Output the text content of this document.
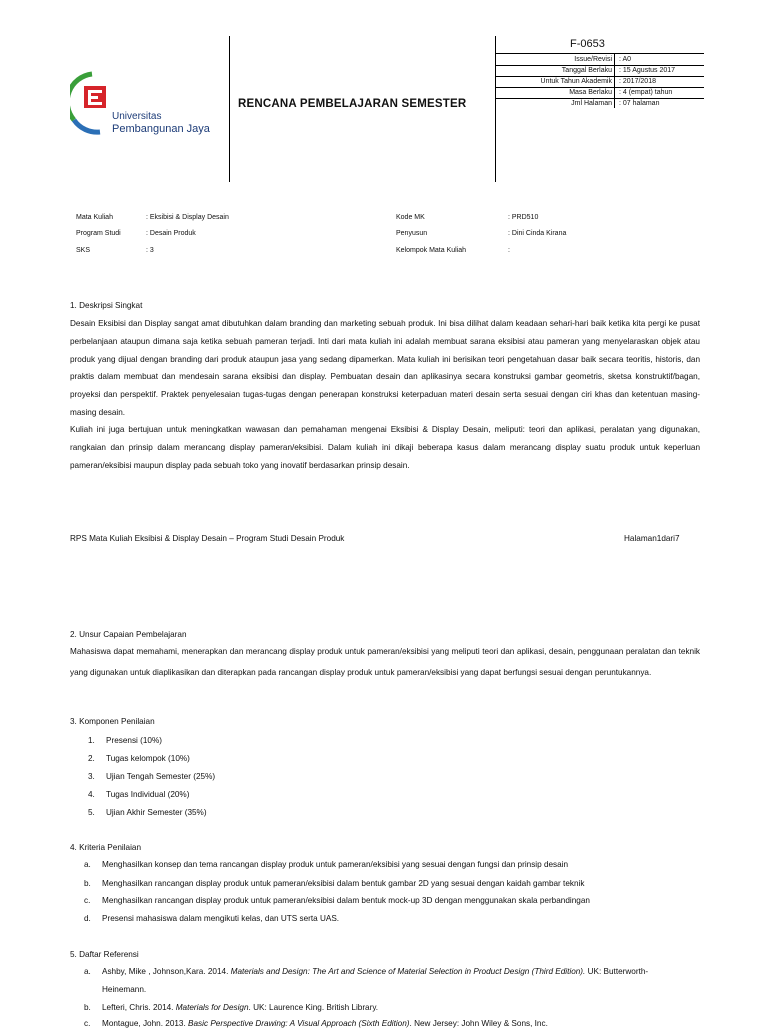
Universitas
Pembangunan Jaya
RENCANA PEMBELAJARAN SEMESTER
F-0653
Issue/Revisi : A0
Tanggal Berlaku : 15 Agustus 2017
Untuk Tahun Akademik : 2017/2018
Masa Berlaku : 4 (empat) tahun
Jml Halaman : 07 halaman
Mata Kuliah	: Eksibisi & Display Desain
Program Studi	: Desain Produk
SKS	: 3
Kode MK	: PRD510
Penyusun	: Dini Cinda Kirana
Kelompok Mata Kuliah	:
1. Deskripsi Singkat
Desain Eksibisi dan Display sangat amat dibutuhkan dalam branding dan marketing sebuah produk. Ini bisa dilihat dalam keadaan sehari-hari baik ketika kita pergi ke pusat perbelanjaan ataupun dimana saja ketika sebuah pameran terjadi. Inti dari mata kuliah ini adalah membuat sarana eksibisi atau pameran yang menyelaraskan objek atau produk yang dijual dengan branding dari produk ataupun jasa yang sedang dipamerkan. Mata kuliah ini berisikan teori pengetahuan dasar baik secara teoritis, historis, dan praktis dalam membuat dan mendesain sarana eksibisi dan display. Pembuatan desain dan aplikasinya secara konstruksi gambar geometris, sketsa konstruktif/bagan, proyeksi dan perspektif. Praktek penyelesaian tugas-tugas dengan penerapan konstruksi keterpaduan materi desain serta sesuai dengan ciri khas dan ketentuan masing-masing desain.
Kuliah ini juga bertujuan untuk meningkatkan wawasan dan pemahaman mengenai Eksibisi & Display Desain, meliputi: teori dan aplikasi, peralatan yang digunakan, rangkaian dan prinsip dalam merancang display pameran/eksibisi. Dalam kuliah ini dikaji beberapa kasus dalam merancang display suatu produk untuk keperluan pameran/eksibisi maupun display pada sebuah toko yang inovatif berdasarkan prinsip desain.
RPS Mata Kuliah Eksibisi & Display Desain – Program Studi Desain Produk	Halaman1dari7
2. Unsur Capaian Pembelajaran
Mahasiswa dapat memahami, menerapkan dan merancang display produk untuk pameran/eksibisi yang meliputi teori dan aplikasi, desain, penggunaan peralatan dan teknik yang digunakan untuk diaplikasikan dan diterapkan pada rancangan display produk untuk pameran/eksibisi yang dapat berfungsi sesuai dengan peruntukannya.
3. Komponen Penilaian
1. Presensi (10%)
2. Tugas kelompok (10%)
3. Ujian Tengah Semester (25%)
4. Tugas Individual (20%)
5. Ujian Akhir Semester (35%)
4. Kriteria Penilaian
a. Menghasilkan konsep dan tema rancangan display produk untuk pameran/eksibisi yang sesuai dengan fungsi dan prinsip desain
b. Menghasilkan rancangan display produk untuk pameran/eksibisi dalam bentuk gambar 2D yang sesuai dengan kaidah gambar teknik
c. Menghasilkan rancangan display produk untuk pameran/eksibisi dalam bentuk mock-up 3D dengan menggunakan skala perbandingan
d. Presensi mahasiswa dalam mengikuti kelas, dan UTS serta UAS.
5. Daftar Referensi
a. Ashby, Mike , Johnson,Kara. 2014. Materials and Design: The Art and Science of Material Selection in Product Design (Third Edition). UK: Butterworth-
Heinemann.
b. Lefteri, Chris. 2014. Materials for Design. UK: Laurence King. British Library.
c. Montague, John. 2013. Basic Perspective Drawing: A Visual Approach (Sixth Edition). New Jersey: John Wiley & Sons, Inc.
